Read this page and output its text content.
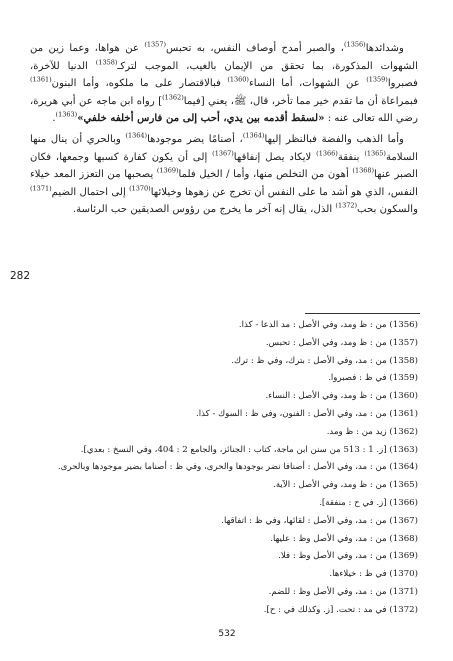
وشدائدها$^{(1356)}$، والصبر أمدح أوصاف النفس، به تحبس$^{(1357)}$ عن هواها، وعما زين من الشهوات المذكورة، بما تحقق من الإيمان بالغيب، الموجب لتركـ$^{(1358)}$ الدنيا للآخرة، فصبروا$^{(1359)}$ عن الشهوات، أما النساء$^{(1360)}$ فبالاقتصار على ما ملكوه، وأما البنون$^{(1361)}$ فبمراعاة أن ما تقدم خير مما تأخر، قال، ﷺ، يعني [فيما$^{(1362)}$] رواه ابن ماجه عن أبي هريرة، رضي الله تعالى عنه : «لسقط أقدمه بين يدي، أحب إلى من فارس أخلفه خلفي»$^{(1363)}$.

وأما الذهب والفضة فبالنظر إليها$^{(1364)}$، أصنامًا يضر موجودها$^{(1364)}$ وبالحري أن ينال منها السلامة$^{(1365)}$ بنفقة$^{(1366)}$ لايكاد يصل إنفاقها$^{(1367)}$ إلى أن يكون كفارة كسبها وجمعها، فكان الصبر عنها$^{(1368)}$ أهون من التخلص منها، وأما / الخيل فلما$^{(1369)}$ يصحبها من التعزز المعد خيلاء النفس، الذي هو أشد ما على النفس أن تخرج عن زهوها وخيلائها$^{(1370)}$ إلى احتمال الضيم$^{(1371)}$ والسكون بحب$^{(1372)}$ الذل، يقال إنه آخر ما يخرج من رؤوس الصديقين حب الرئاسة.

282
(1356) من : ظ ومد، وفي الأصل : مد الدعا - كذا.
(1357) من : ظ ومد، وفي الأصل : تحبس.
(1358) من : مد، وفي الأصل : بترك، وفي ظ : ترك.
(1359) في ظ : فصبروا.
(1360) من : ظ ومد، وفي الأصل : النساء.
(1361) من : مد، وفي الأصل : الفنون، وفي ظ : السوك - كذا.
(1362) زيد من : ظ ومد.
(1363) [ز. 1 : 513 من سنن ابن ماجة، كتاب : الجنائز، والجامع 2 : 404، وفي النسخ : بعدي].
(1364) من : مد، وفي الأصل : أصنافا نضر بوجودها والحرى، وفي ظ : أصناما بضير موجودها وبالحرى.
(1365) من : ظ ومد، وفي الأصل : الآية.
(1366) [ز. في ح : منفقة].
(1367) من : مد، وفي الأصل : لقائها، وفي ظ : اتفاقها.
(1368) من : مد، وفي الأصل وظ : عليها.
(1369) من : مد، وفي الأصل وظ : فلا.
(1370) في ظ : خيلاءها.
(1371) من : مد، وفي الأصل وظ : للضم.
(1372) في مد : تحت. [ز. وكذلك في : ح].
532
